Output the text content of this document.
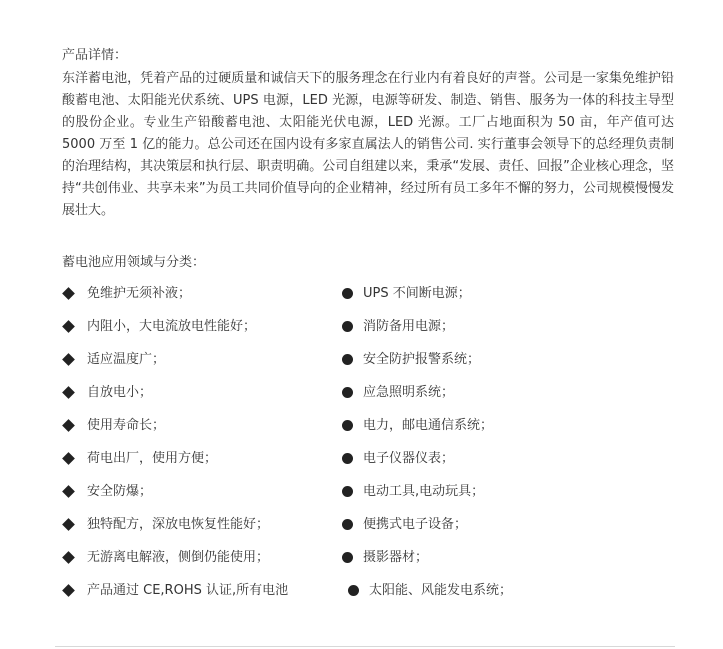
产品详情：

东洋蓄电池，凭着产品的过硬质量和诚信天下的服务理念在行业内有着良好的声誉。公司是一家集免维护铅酸蓄电池、太阳能光伏系统、UPS 电源，LED 光源，电源等研发、制造、销售、服务为一体的科技主导型的股份企业。专业生产铅酸蓄电池、太阳能光伏电源，LED 光源。工厂占地面积为 50 亩，年产值可达 5000 万至 1 亿的能力。总公司还在国内设有多家直属法人的销售公司. 实行董事会领导下的总经理负责制的治理结构，其决策层和执行层、职责明确。公司自组建以来，秉承“发展、责任、回报”企业核心理念，坚持“共创伟业、共享未来”为员工共同价值导向的企业精神，经过所有员工多年不懈的努力，公司规模慢慢发展壮大。

蓄电池应用领域与分类：
免维护无须补液；
内阻小，大电流放电性能好；
适应温度广；
自放电小；
使用寿命长；
荷电出厂，使用方便；
安全防爆；
独特配方，深放电恢复性能好；
无游离电解液，侧倒仍能使用；
产品通过 CE,ROHS 认证,所有电池
UPS 不间断电源；
消防备用电源；
安全防护报警系统；
应急照明系统；
电力，邮电通信系统；
电子仪器仪表；
电动工具,电动玩具；
便携式电子设备；
摄影器材；
太阳能、风能发电系统；
